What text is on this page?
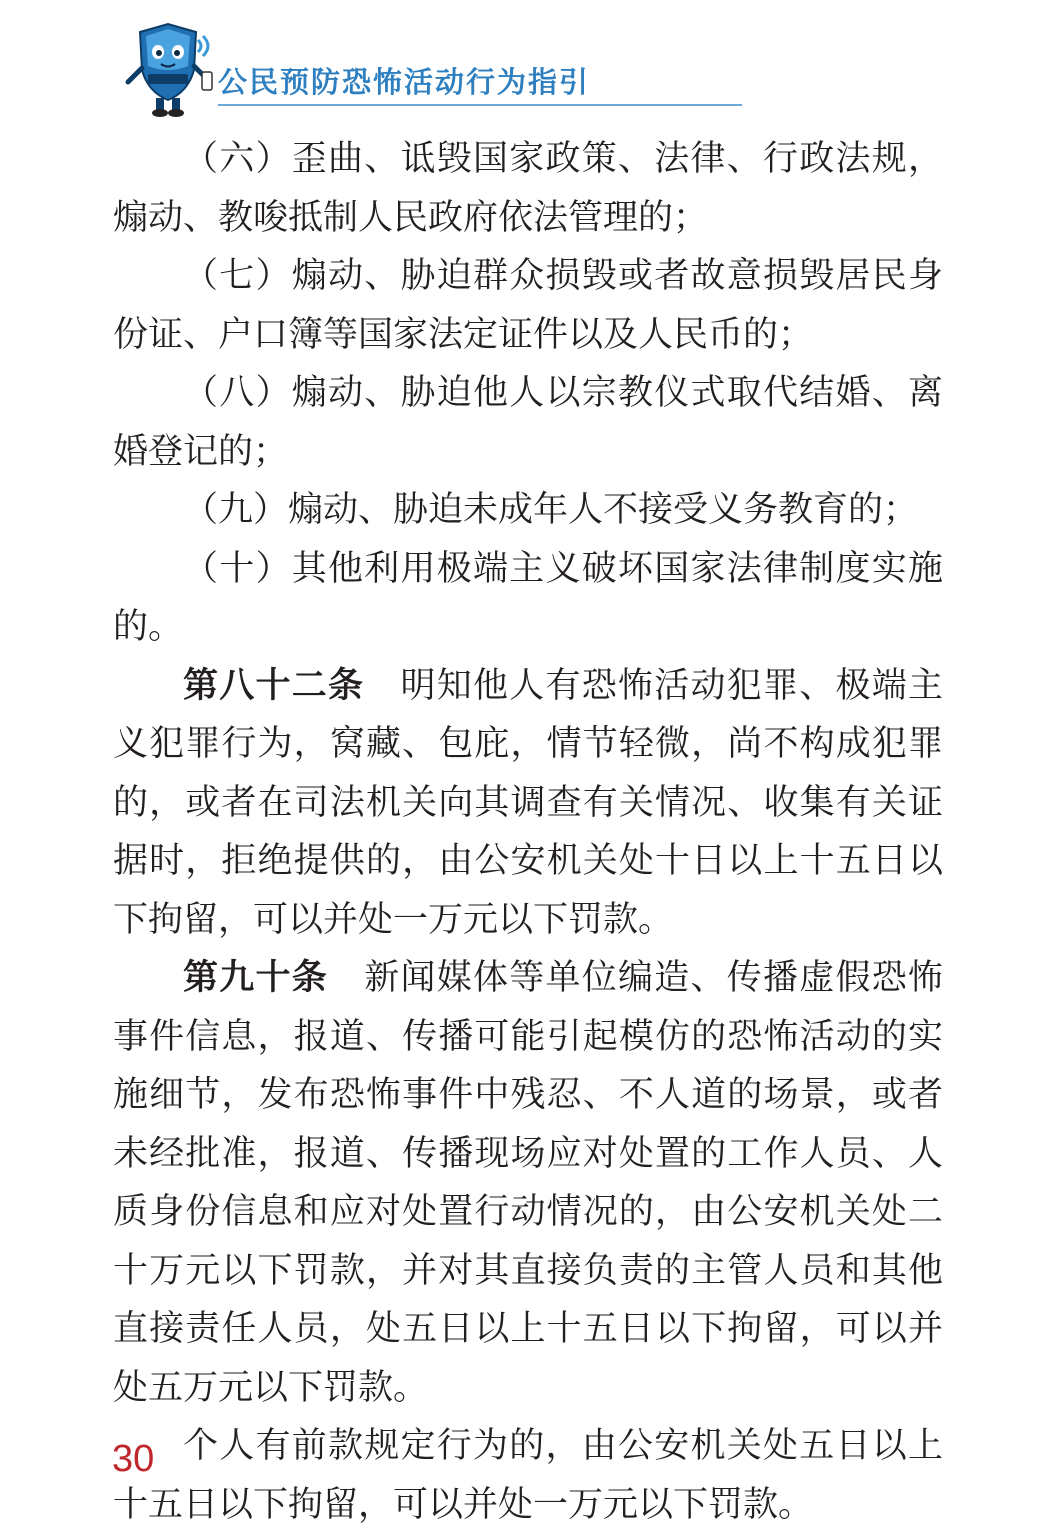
公民预防恐怖活动行为指引

（六）歪曲、诋毁国家政策、法律、行政法规，煽动、教唆抵制人民政府依法管理的；

（七）煽动、胁迫群众损毁或者故意损毁居民身份证、户口簿等国家法定证件以及人民币的；

（八）煽动、胁迫他人以宗教仪式取代结婚、离婚登记的；

（九）煽动、胁迫未成年人不接受义务教育的；

（十）其他利用极端主义破坏国家法律制度实施的。

第八十二条　明知他人有恐怖活动犯罪、极端主义犯罪行为，窝藏、包庇，情节轻微，尚不构成犯罪的，或者在司法机关向其调查有关情况、收集有关证据时，拒绝提供的，由公安机关处十日以上十五日以下拘留，可以并处一万元以下罚款。

第九十条　新闻媒体等单位编造、传播虚假恐怖事件信息，报道、传播可能引起模仿的恐怖活动的实施细节，发布恐怖事件中残忍、不人道的场景，或者未经批准，报道、传播现场应对处置的工作人员、人质身份信息和应对处置行动情况的，由公安机关处二十万元以下罚款，并对其直接负责的主管人员和其他直接责任人员，处五日以上十五日以下拘留，可以并处五万元以下罚款。

个人有前款规定行为的，由公安机关处五日以上十五日以下拘留，可以并处一万元以下罚款。

30
